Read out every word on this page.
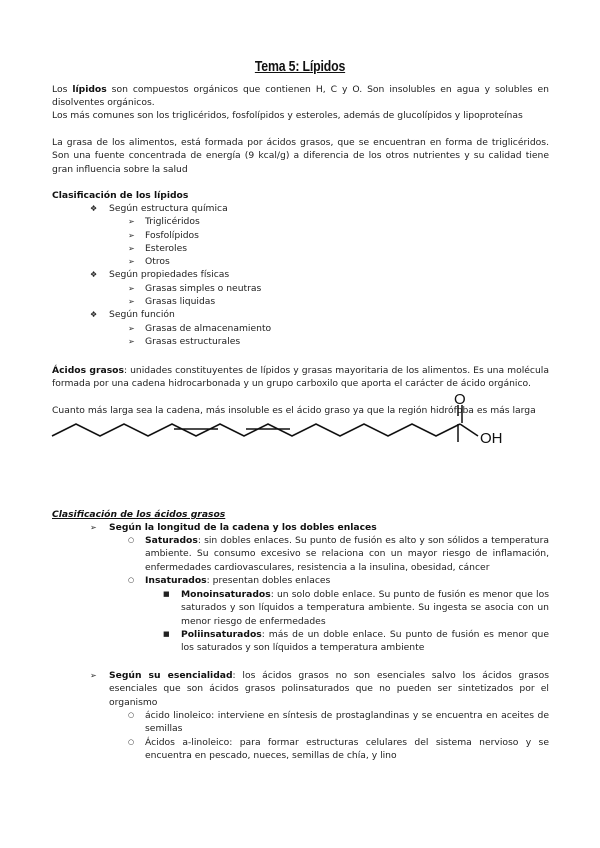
Tema 5: Lípidos
Los lípidos son compuestos orgánicos que contienen H, C y O. Son insolubles en agua y solubles en disolventes orgánicos.
Los más comunes son los triglicéridos, fosfolípidos y esteroles, además de glucolípidos y lipoproteínas
La grasa de los alimentos, está formada por ácidos grasos, que se encuentran en forma de triglicéridos. Son una fuente concentrada de energía (9 kcal/g) a diferencia de los otros nutrientes y su calidad tiene gran influencia sobre la salud
Clasificación de los lípidos
❖ Según estructura química
➢ Triglicéridos
➢ Fosfolípidos
➢ Esteroles
➢ Otros
❖ Según propiedades físicas
➢ Grasas simples o neutras
➢ Grasas liquidas
❖ Según función
➢ Grasas de almacenamiento
➢ Grasas estructurales
Ácidos grasos: unidades constituyentes de lípidos y grasas mayoritaria de los alimentos. Es una molécula formada por una cadena hidrocarbonada y un grupo carboxilo que aporta el carácter de ácido orgánico.
Cuanto más larga sea la cadena, más insoluble es el ácido graso ya que la región hidrófoba es más larga
O
OH
Clasificación de los ácidos grasos
➢ Según la longitud de la cadena y los dobles enlaces
○ Saturados: sin dobles enlaces. Su punto de fusión es alto y son sólidos a temperatura ambiente. Su consumo excesivo se relaciona con un mayor riesgo de inflamación, enfermedades cardiovasculares, resistencia a la insulina, obesidad, cáncer

○ Insaturados: presentan dobles enlaces

■ Monoinsaturados: un solo doble enlace. Su punto de fusión es menor que los saturados y son líquidos a temperatura ambiente. Su ingesta se asocia con un menor riesgo de enfermedades

■ Poliinsaturados: más de un doble enlace. Su punto de fusión es menor que los saturados y son líquidos a temperatura ambiente

➢ Según su esencialidad: los ácidos grasos no son esenciales salvo los ácidos grasos esenciales que son ácidos grasos polinsaturados que no pueden ser sintetizados por el organismo

○ ácido linoleico: interviene en síntesis de prostaglandinas y se encuentra en aceites de semillas

○ Ácidos a-linoleico: para formar estructuras celulares del sistema nervioso y se encuentra en pescado, nueces, semillas de chía, y lino
